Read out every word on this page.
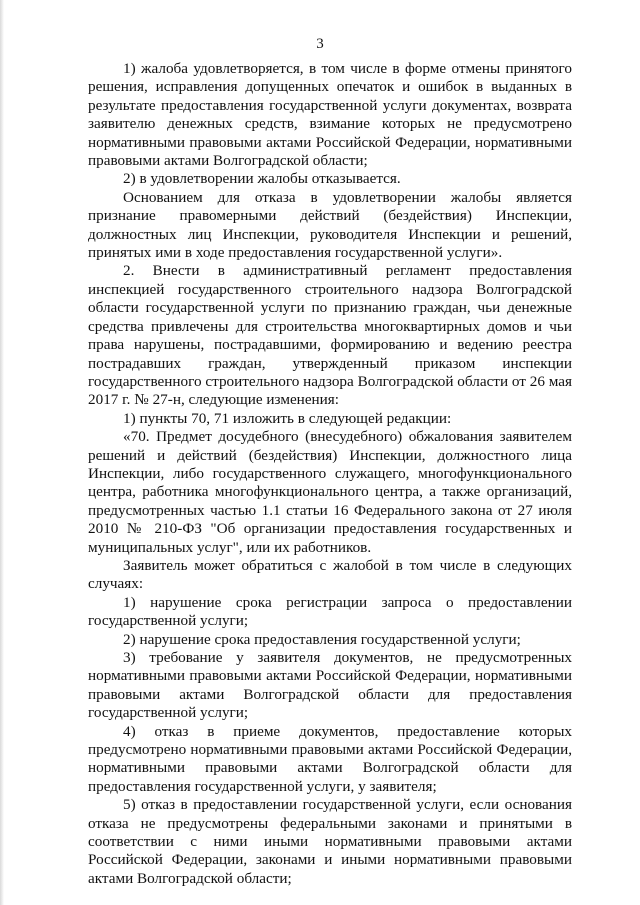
3

1) жалоба удовлетворяется, в том числе в форме отмены принятого решения, исправления допущенных опечаток и ошибок в выданных в результате предоставления государственной услуги документах, возврата заявителю денежных средств, взимание которых не предусмотрено нормативными правовыми актами Российской Федерации, нормативными правовыми актами Волгоградской области;

2) в удовлетворении жалобы отказывается.

Основанием для отказа в удовлетворении жалобы является признание правомерными действий (бездействия) Инспекции, должностных лиц Инспекции, руководителя Инспекции и решений, принятых ими в ходе предоставления государственной услуги».

2. Внести в административный регламент предоставления инспекцией государственного строительного надзора Волгоградской области государственной услуги по признанию граждан, чьи денежные средства привлечены для строительства многоквартирных домов и чьи права нарушены, пострадавшими, формированию и ведению реестра пострадавших граждан, утвержденный приказом инспекции государственного строительного надзора Волгоградской области от 26 мая 2017 г. № 27-н, следующие изменения:

1) пункты 70, 71 изложить в следующей редакции:

«70. Предмет досудебного (внесудебного) обжалования заявителем решений и действий (бездействия) Инспекции, должностного лица Инспекции, либо государственного служащего, многофункционального центра, работника многофункционального центра, а также организаций, предусмотренных частью 1.1 статьи 16 Федерального закона от 27 июля 2010 № 210-ФЗ "Об организации предоставления государственных и муниципальных услуг", или их работников.

Заявитель может обратиться с жалобой в том числе в следующих случаях:

1) нарушение срока регистрации запроса о предоставлении государственной услуги;

2) нарушение срока предоставления государственной услуги;

3) требование у заявителя документов, не предусмотренных нормативными правовыми актами Российской Федерации, нормативными правовыми актами Волгоградской области для предоставления государственной услуги;

4) отказ в приеме документов, предоставление которых предусмотрено нормативными правовыми актами Российской Федерации, нормативными правовыми актами Волгоградской области для предоставления государственной услуги, у заявителя;

5) отказ в предоставлении государственной услуги, если основания отказа не предусмотрены федеральными законами и принятыми в соответствии с ними иными нормативными правовыми актами Российской Федерации, законами и иными нормативными правовыми актами Волгоградской области;
